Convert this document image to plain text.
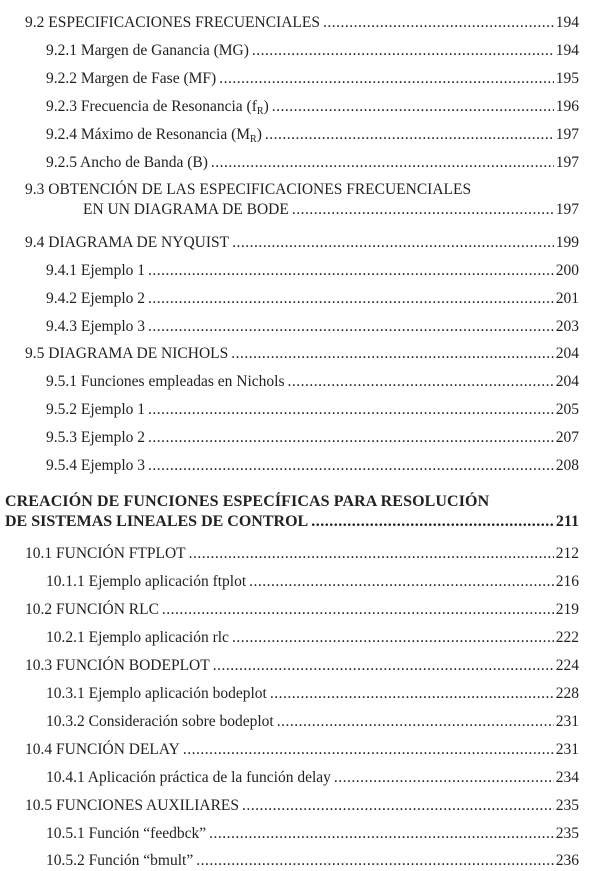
9.2 ESPECIFICACIONES FRECUENCIALES .....	194
9.2.1 Margen de Ganancia (MG) .....	194
9.2.2 Margen de Fase (MF) .....	195
9.2.3 Frecuencia de Resonancia $(f_R)$ .....	196
9.2.4 Máximo de Resonancia $(M_R)$ .....	197
9.2.5 Ancho de Banda (B) .....	197
9.3 OBTENCIÓN DE LAS ESPECIFICACIONES FRECUENCIALES
EN UN DIAGRAMA DE BODE .....	197
9.4 DIAGRAMA DE NYQUIST .....	199
9.4.1 Ejemplo 1 .....	200
9.4.2 Ejemplo 2 .....	201
9.4.3 Ejemplo 3 .....	203
9.5 DIAGRAMA DE NICHOLS .....	204
9.5.1 Funciones empleadas en Nichols .....	204
9.5.2 Ejemplo 1 .....	205
9.5.3 Ejemplo 2 .....	207
9.5.4 Ejemplo 3 .....	208
CREACIÓN DE FUNCIONES ESPECÍFICAS PARA RESOLUCIÓN
DE SISTEMAS LINEALES DE CONTROL .....	211
10.1 FUNCIÓN FTPLOT .....	212
10.1.1 Ejemplo aplicación ftplot .....	216
10.2 FUNCIÓN RLC .....	219
10.2.1 Ejemplo aplicación rlc .....	222
10.3 FUNCIÓN BODEPLOT .....	224
10.3.1 Ejemplo aplicación bodeplot .....	228
10.3.2 Consideración sobre bodeplot .....	231
10.4 FUNCIÓN DELAY .....	231
10.4.1 Aplicación práctica de la función delay .....	234
10.5 FUNCIONES AUXILIARES .....	235
10.5.1 Función “feedbck” .....	235
10.5.2 Función “bmult” .....	236
